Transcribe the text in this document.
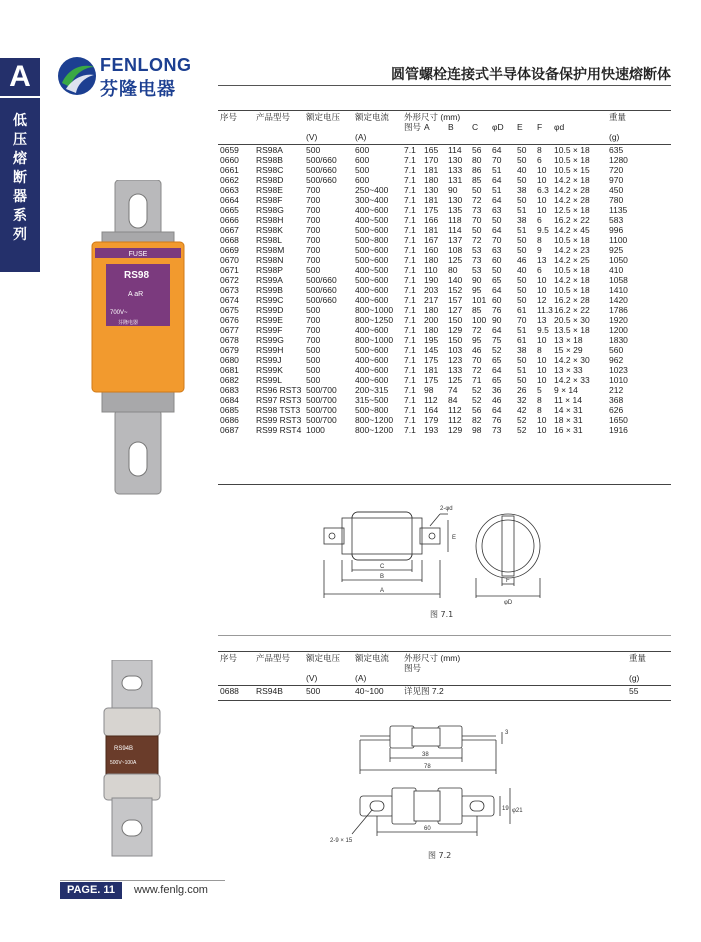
A
低压熔断器系列
FENLONG
芬隆电器
圆管螺栓连接式半导体设备保护用快速熔断体
FUSE
RS98
A aR
700V~
芬隆电器
序号	产品型号	额定电压	额定电流	外形尺寸 (mm)								重量
				图号	A	B	C	φD	E	F	φd	
		(V)	(A)									(g)
0659	RS98A	500	600	7.1	165	114	56	64	50	8	10.5 × 18	635
0660	RS98B	500/660	600	7.1	170	130	80	70	50	6	10.5 × 18	1280
0661	RS98C	500/660	500	7.1	181	133	86	51	40	10	10.5 × 15	720
0662	RS98D	500/660	600	7.1	180	131	85	64	50	10	14.2 × 18	970
0663	RS98E	700	250~400	7.1	130	90	50	51	38	6.3	14.2 × 28	450
0664	RS98F	700	300~400	7.1	181	130	72	64	50	10	14.2 × 28	780
0665	RS98G	700	400~600	7.1	175	135	73	63	51	10	12.5 × 18	1135
0666	RS98H	700	400~500	7.1	166	118	70	50	38	6	16.2 × 22	583
0667	RS98K	700	500~600	7.1	181	114	50	64	51	9.5	14.2 × 45	996
0668	RS98L	700	500~800	7.1	167	137	72	70	50	8	10.5 × 18	1100
0669	RS98M	700	500~600	7.1	160	108	53	63	50	9	14.2 × 23	925
0670	RS98N	700	500~600	7.1	180	125	73	60	46	13	14.2 × 25	1050
0671	RS98P	500	400~500	7.1	110	80	53	50	40	6	10.5 × 18	410
0672	RS99A	500/660	500~600	7.1	190	140	90	65	50	10	14.2 × 18	1058
0673	RS99B	500/660	400~600	7.1	203	152	95	64	50	10	10.5 × 18	1410
0674	RS99C	500/660	400~600	7.1	217	157	101	60	50	12	16.2 × 28	1420
0675	RS99D	500	800~1000	7.1	180	127	85	76	61	11.3	16.2 × 22	1786
0676	RS99E	700	800~1250	7.1	200	150	100	90	70	13	20.5 × 30	1920
0677	RS99F	700	400~600	7.1	180	129	72	64	51	9.5	13.5 × 18	1200
0678	RS99G	700	800~1000	7.1	195	150	95	75	61	10	13 × 18	1830
0679	RS99H	500	500~600	7.1	145	103	46	52	38	8	15 × 29	560
0680	RS99J	500	400~600	7.1	175	123	70	65	50	10	14.2 × 30	962
0681	RS99K	500	400~600	7.1	181	133	72	64	51	10	13 × 33	1023
0682	RS99L	500	400~600	7.1	175	125	71	65	50	10	14.2 × 33	1010
0683	RS96 RST3	500/700	200~315	7.1	98	74	52	36	26	5	9 × 14	212
0684	RS97 RST3	500/700	315~500	7.1	112	84	52	46	32	8	11 × 14	368
0685	RS98 TST3	500/700	500~800	7.1	164	112	56	64	42	8	14 × 31	626
0686	RS99 RST3	500/700	800~1200	7.1	179	112	82	76	52	10	18 × 31	1650
0687	RS99 RST4	1000	800~1200	7.1	193	129	98	73	52	10	16 × 31	1916
2-φd
E
C
B
A
F
φD
图 7.1
序号	产品型号	额定电压	额定电流	外形尺寸 (mm)	重量
				图号	
		(V)	(A)		(g)
0688	RS94B	500	40~100	详见图 7.2	55
RS94B
500V~100A
3
38
78
19 φ21
60
2-9 × 15
图 7.2
PAGE. 11	www.fenlg.com
